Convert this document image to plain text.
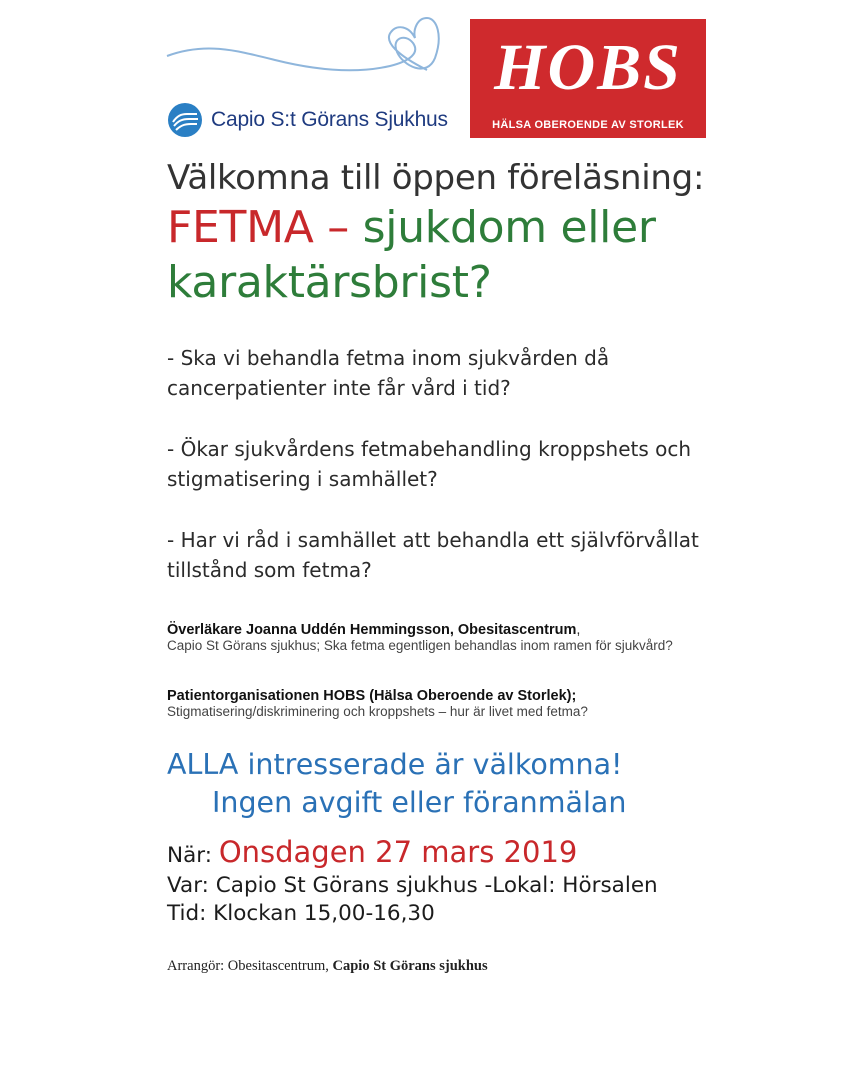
Capio S:t Görans Sjukhus
HOBS
HÄLSA OBEROENDE AV STORLEK
Välkomna till öppen föreläsning:
FETMA – sjukdom eller karaktärsbrist?
- Ska vi behandla fetma inom sjukvården då cancerpatienter inte får vård i tid?
- Ökar sjukvårdens fetmabehandling kroppshets och stigmatisering i samhället?
- Har vi råd i samhället att behandla ett självförvållat tillstånd som fetma?
Överläkare Joanna Uddén Hemmingsson, Obesitascentrum,
Capio St Görans sjukhus; Ska fetma egentligen behandlas inom ramen för sjukvård?
Patientorganisationen HOBS (Hälsa Oberoende av Storlek);
Stigmatisering/diskriminering och kroppshets – hur är livet med fetma?
ALLA intresserade är välkomna!
Ingen avgift eller föranmälan
När: Onsdagen 27 mars 2019
Var: Capio St Görans sjukhus -Lokal: Hörsalen
Tid: Klockan 15,00-16,30
Arrangör: Obesitascentrum, Capio St Görans sjukhus
